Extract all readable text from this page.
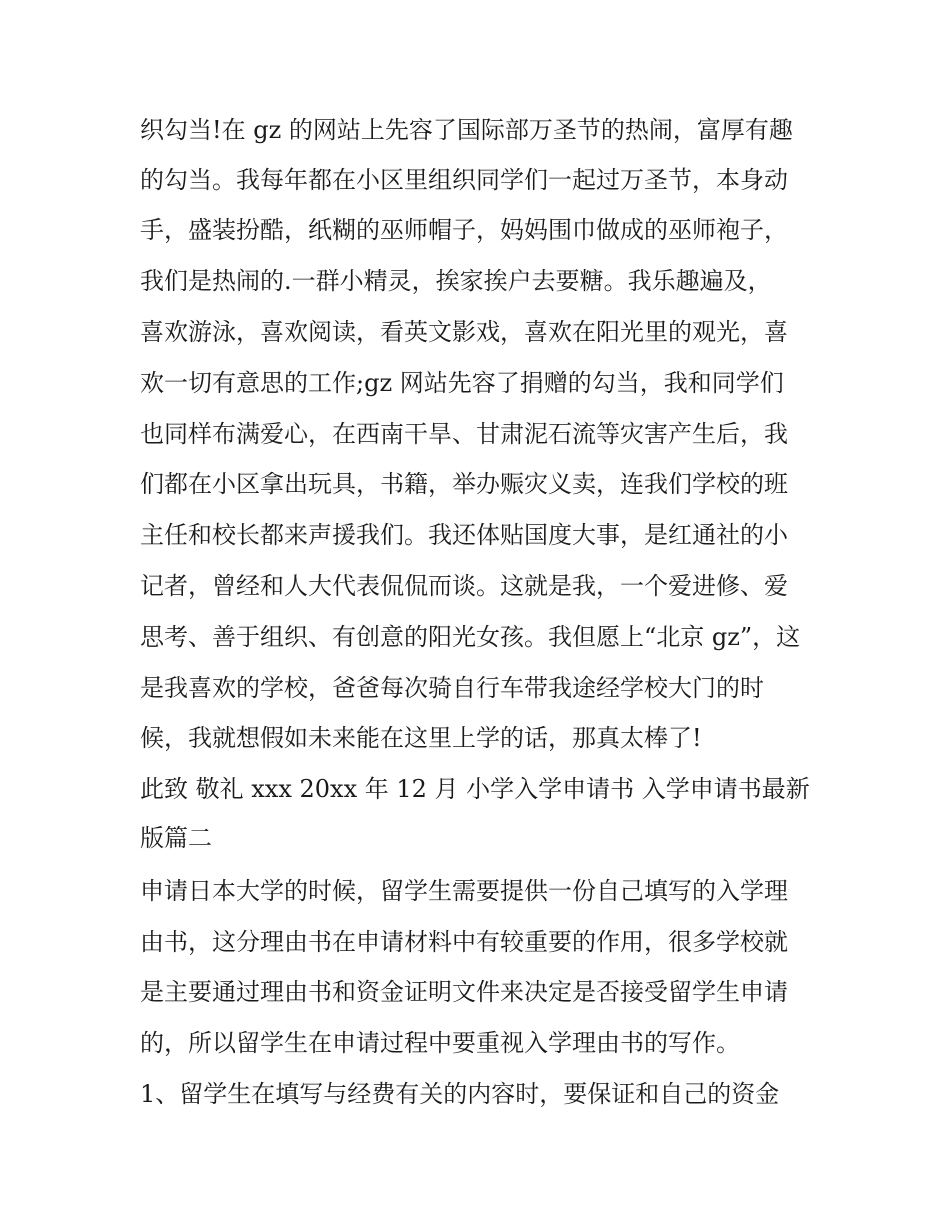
织勾当!在 gz 的网站上先容了国际部万圣节的热闹，富厚有趣
的勾当。我每年都在小区里组织同学们一起过万圣节，本身动
手，盛装扮酷，纸糊的巫师帽子，妈妈围巾做成的巫师袍子，
我们是热闹的.一群小精灵，挨家挨户去要糖。我乐趣遍及，
喜欢游泳，喜欢阅读，看英文影戏，喜欢在阳光里的观光，喜
欢一切有意思的工作;gz 网站先容了捐赠的勾当，我和同学们
也同样布满爱心，在西南干旱、甘肃泥石流等灾害产生后，我
们都在小区拿出玩具，书籍，举办赈灾义卖，连我们学校的班
主任和校长都来声援我们。我还体贴国度大事，是红通社的小
记者，曾经和人大代表侃侃而谈。这就是我，一个爱进修、爱
思考、善于组织、有创意的阳光女孩。我但愿上“北京 gz”，这
是我喜欢的学校，爸爸每次骑自行车带我途经学校大门的时
候，我就想假如未来能在这里上学的话，那真太棒了!
此致 敬礼 xxx 20xx 年 12 月 小学入学申请书 入学申请书最新
版篇二
申请日本大学的时候，留学生需要提供一份自己填写的入学理
由书，这分理由书在申请材料中有较重要的作用，很多学校就
是主要通过理由书和资金证明文件来决定是否接受留学生申请
的，所以留学生在申请过程中要重视入学理由书的写作。
1、留学生在填写与经费有关的内容时，要保证和自己的资金
